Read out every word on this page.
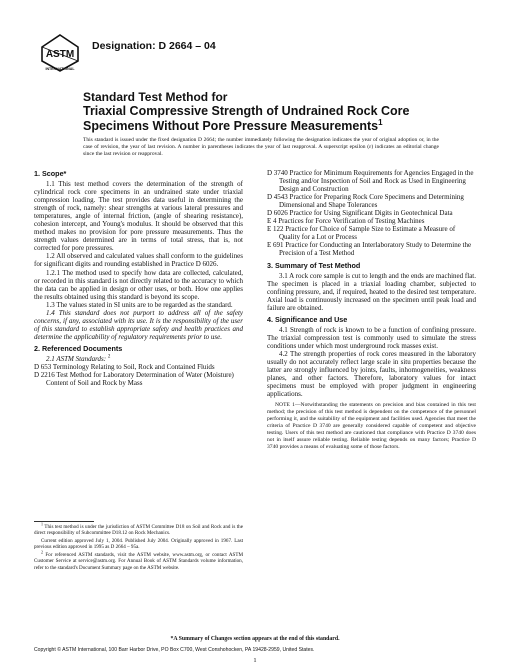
ASTM
INTERNATIONAL
Designation: D 2664 – 04
Standard Test Method for
Triaxial Compressive Strength of Undrained Rock Core
Specimens Without Pore Pressure Measurements$^1$
This standard is issued under the fixed designation D 2664; the number immediately following the designation indicates the year of original adoption or, in the case of revision, the year of last revision. A number in parentheses indicates the year of last reapproval. A superscript epsilon (ε) indicates an editorial change since the last revision or reapproval.

1. Scope*

1.1 This test method covers the determination of the strength of cylindrical rock core specimens in an undrained state under triaxial compression loading. The test provides data useful in determining the strength of rock, namely: shear strengths at various lateral pressures and temperatures, angle of internal friction, (angle of shearing resistance), cohesion intercept, and Young's modulus. It should be observed that this method makes no provision for pore pressure measurements. Thus the strength values determined are in terms of total stress, that is, not corrected for pore pressures.

1.2 All observed and calculated values shall conform to the guidelines for significant digits and rounding established in Practice D 6026.

1.2.1 The method used to specify how data are collected, calculated, or recorded in this standard is not directly related to the accuracy to which the data can be applied in design or other uses, or both. How one applies the results obtained using this standard is beyond its scope.

1.3 The values stated in SI units are to be regarded as the standard.

1.4 This standard does not purport to address all of the safety concerns, if any, associated with its use. It is the responsibility of the user of this standard to establish appropriate safety and health practices and determine the applicability of regulatory requirements prior to use.

2. Referenced Documents

2.1 ASTM Standards: $^2$

D 653 Terminology Relating to Soil, Rock and Contained Fluids

D 2216 Test Method for Laboratory Determination of Water (Moisture) Content of Soil and Rock by Mass

$^1$ This test method is under the jurisdiction of ASTM Committee D18 on Soil and Rock and is the direct responsibility of Subcommittee D18.12 on Rock Mechanics.

Current edition approved July 1, 2004. Published July 2004. Originally approved in 1967. Last previous edition approved in 1995 as D 2664 – 95a.

$^2$ For referenced ASTM standards, visit the ASTM website, www.astm.org, or contact ASTM Customer Service at service@astm.org. For Annual Book of ASTM Standards volume information, refer to the standard's Document Summary page on the ASTM website.

D 3740 Practice for Minimum Requirements for Agencies Engaged in the Testing and/or Inspection of Soil and Rock as Used in Engineering Design and Construction

D 4543 Practice for Preparing Rock Core Specimens and Determining Dimensional and Shape Tolerances

D 6026 Practice for Using Significant Digits in Geotechnical Data

E 4 Practices for Force Verification of Testing Machines

E 122 Practice for Choice of Sample Size to Estimate a Measure of Quality for a Lot or Process

E 691 Practice for Conducting an Interlaboratory Study to Determine the Precision of a Test Method

3. Summary of Test Method

3.1 A rock core sample is cut to length and the ends are machined flat. The specimen is placed in a triaxial loading chamber, subjected to confining pressure, and, if required, heated to the desired test temperature. Axial load is continuously increased on the specimen until peak load and failure are obtained.

4. Significance and Use

4.1 Strength of rock is known to be a function of confining pressure. The triaxial compression test is commonly used to simulate the stress conditions under which most underground rock masses exist.

4.2 The strength properties of rock cores measured in the laboratory usually do not accurately reflect large scale in situ properties because the latter are strongly influenced by joints, faults, inhomogeneities, weakness planes, and other factors. Therefore, laboratory values for intact specimens must be employed with proper judgment in engineering applications.

NOTE 1—Notwithstanding the statements on precision and bias contained in this test method; the precision of this test method is dependent on the competence of the personnel performing it, and the suitability of the equipment and facilities used. Agencies that meet the criteria of Practice D 3740 are generally considered capable of competent and objective testing. Users of this test method are cautioned that compliance with Practice D 3740 does not in itself assure reliable testing. Reliable testing depends on many factors; Practice D 3740 provides a means of evaluating some of those factors.

*A Summary of Changes section appears at the end of this standard.
Copyright © ASTM International, 100 Barr Harbor Drive, PO Box C700, West Conshohocken, PA 19428-2959, United States.
1
